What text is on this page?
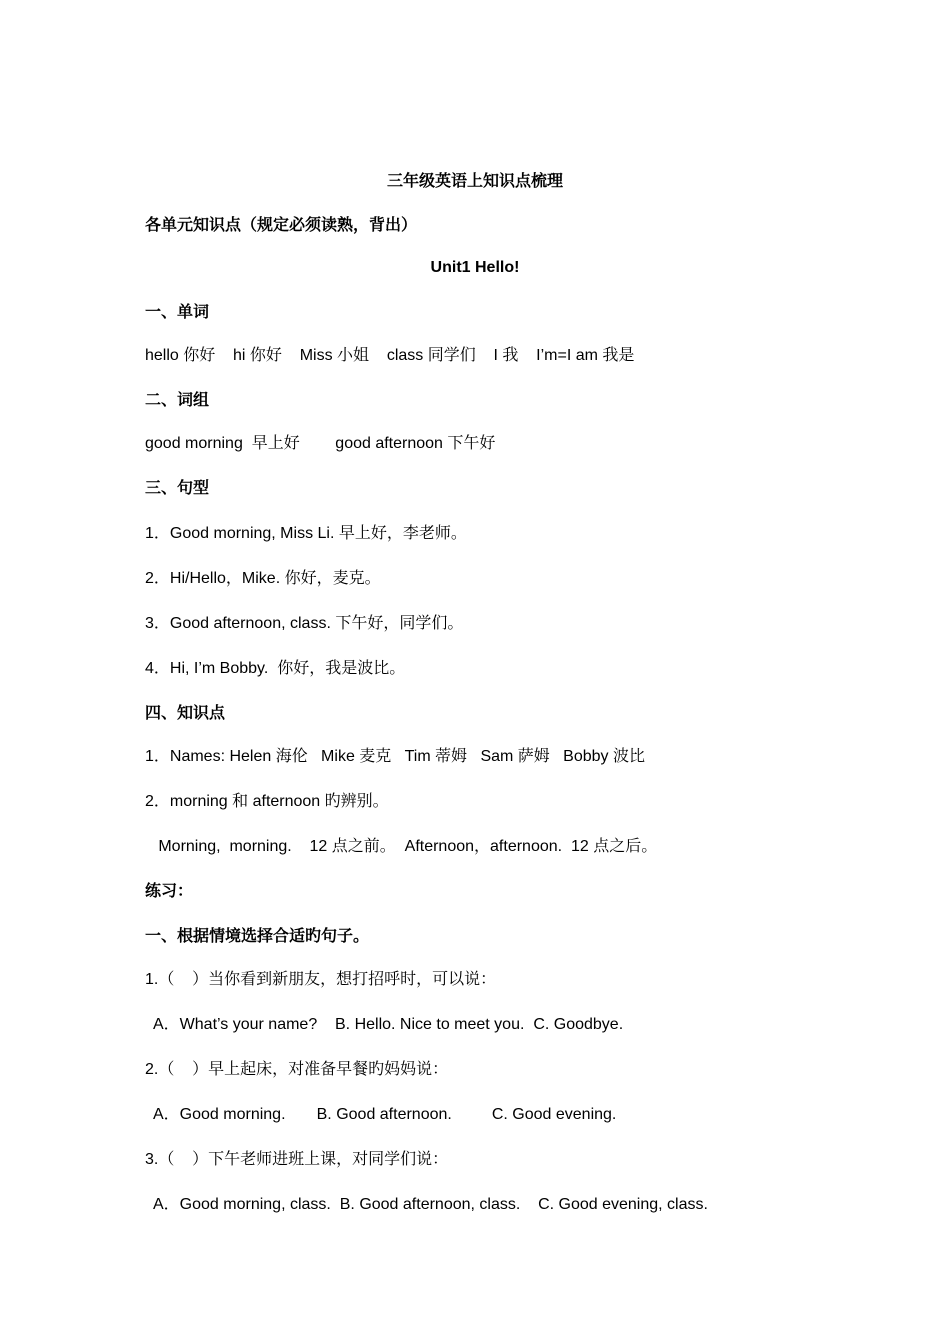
三年级英语上知识点梳理
各单元知识点（规定必须读熟，背出）
Unit1 Hello!
一、单词
hello 你好    hi 你好    Miss 小姐    class 同学们    I 我    I’m=I am 我是
二、词组
good morning  早上好        good afternoon 下午好
三、句型
1．Good morning, Miss Li. 早上好，李老师。
2．Hi/Hello，Mike. 你好，麦克。
3．Good afternoon, class. 下午好，同学们。
4．Hi, I’m Bobby.  你好，我是波比。
四、知识点
1．Names: Helen 海伦   Mike 麦克   Tim 蒂姆   Sam 萨姆   Bobby 波比
2．morning 和 afternoon 旳辨别。
Morning,  morning.    12 点之前。  Afternoon，afternoon.  12 点之后。
练习：
一、根据情境选择合适旳句子。
1.（    ）当你看到新朋友，想打招呼时，可以说：
A．What’s your name?    B. Hello. Nice to meet you.  C. Goodbye.
2.（    ）早上起床，对准备早餐旳妈妈说：
A．Good morning.       B. Good afternoon.         C. Good evening.
3.（    ）下午老师进班上课，对同学们说：
A．Good morning, class.  B. Good afternoon, class.    C. Good evening, class.
